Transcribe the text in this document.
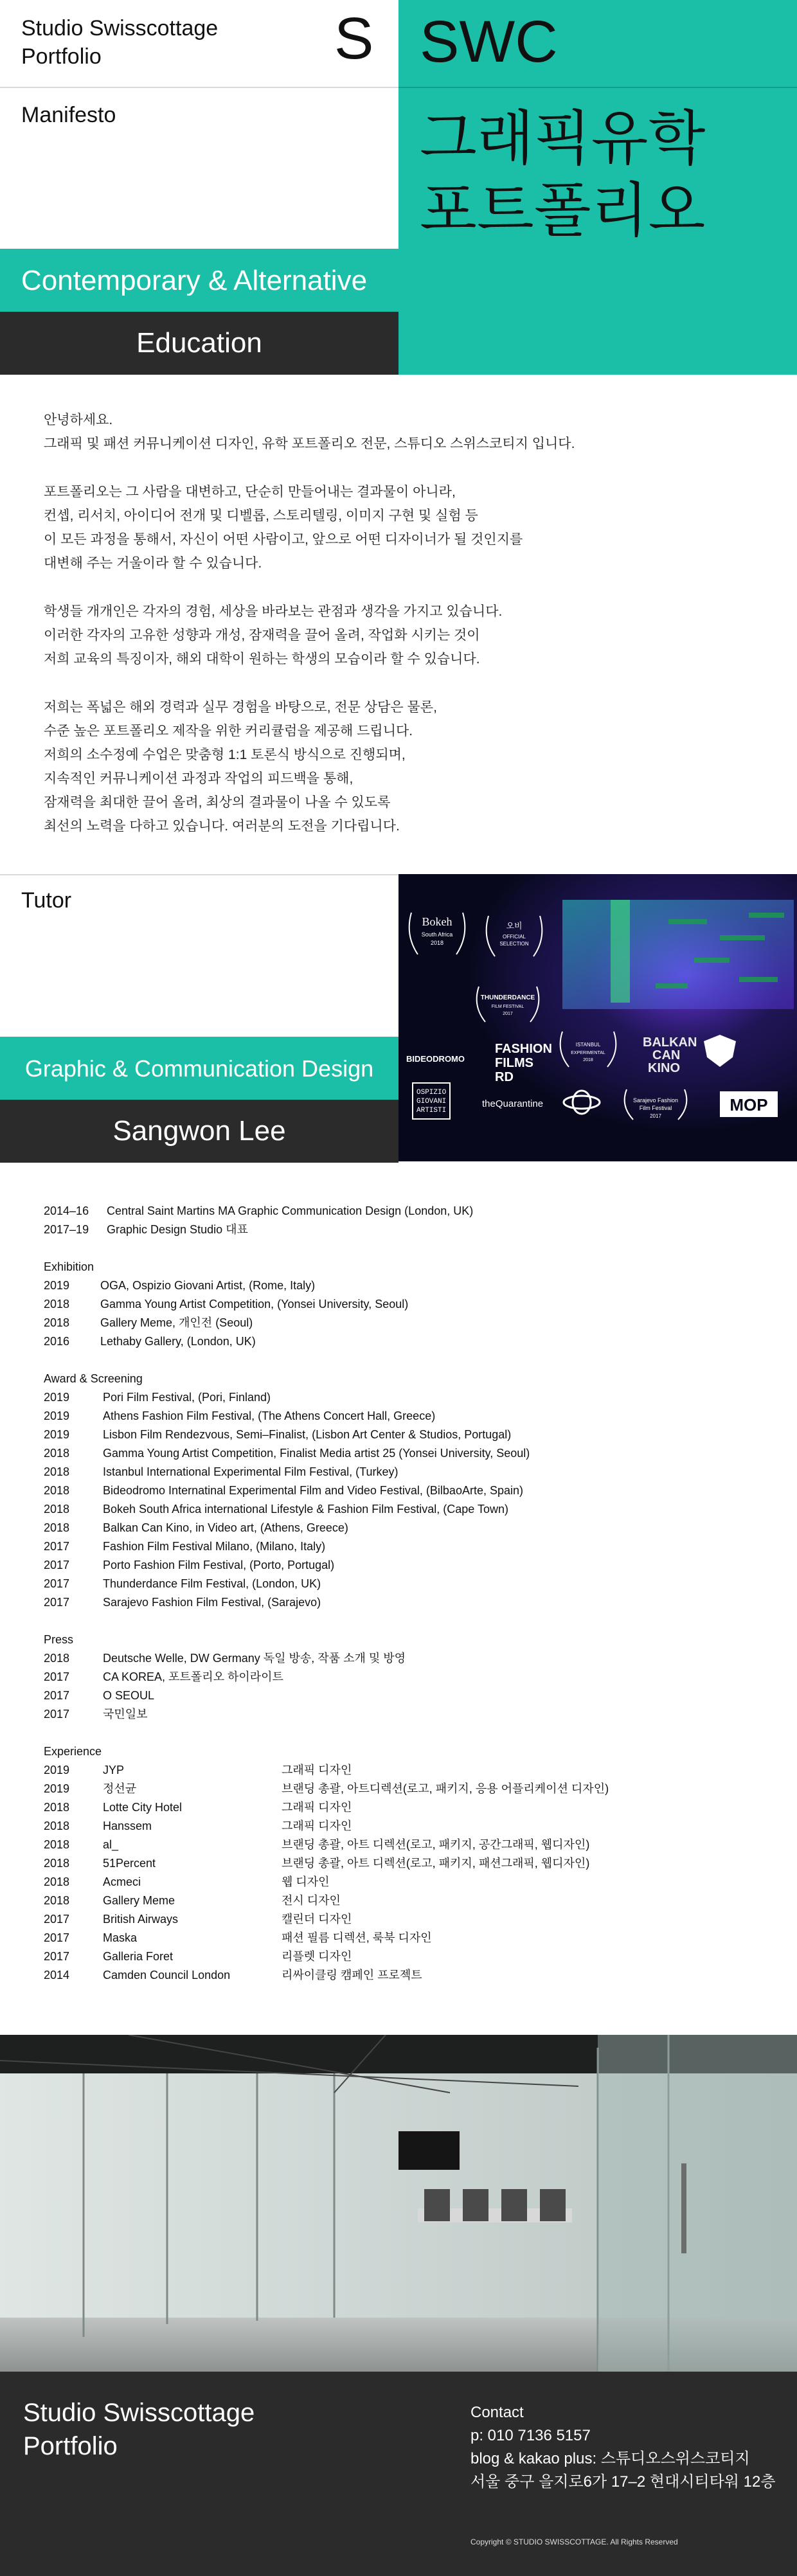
Studio Swisscottage
Portfolio	S
Manifesto
Contemporary & Alternative
Education
SWC
그래픽유학
포트폴리오

안녕하세요.
그래픽 및 패션 커뮤니케이션 디자인, 유학 포트폴리오 전문, 스튜디오 스위스코티지 입니다.

포트폴리오는 그 사람을 대변하고, 단순히 만들어내는 결과물이 아니라,
컨셉, 리서치, 아이디어 전개 및 디벨롭, 스토리텔링, 이미지 구현 및 실험 등
이 모든 과정을 통해서, 자신이 어떤 사람이고, 앞으로 어떤 디자이너가 될 것인지를
대변해 주는 거울이라 할 수 있습니다.

학생들 개개인은 각자의 경험, 세상을 바라보는 관점과 생각을 가지고 있습니다.
이러한 각자의 고유한 성향과 개성, 잠재력을 끌어 올려, 작업화 시키는 것이
저희 교육의 특징이자, 해외 대학이 원하는 학생의 모습이라 할 수 있습니다.

저희는 폭넓은 해외 경력과 실무 경험을 바탕으로, 전문 상담은 물론,
수준 높은 포트폴리오 제작을 위한 커리큘럼을 제공해 드립니다.
저희의 소수정예 수업은 맞춤형 1:1 토론식 방식으로 진행되며,
지속적인 커뮤니케이션 과정과 작업의 피드백을 통해,
잠재력을 최대한 끌어 올려, 최상의 결과물이 나올 수 있도록
최선의 노력을 다하고 있습니다. 여러분의 도전을 기다립니다.

Tutor
Graphic & Communication Design
Sangwon Lee
Bokeh
South Africa
2018
오비
OFFICIAL
SELECTION
THUNDERDANCE
FILM FESTIVAL
2017
ISTANBUL
EXPERIMENTAL
2018
FASHION
FILMS
RD
BIDEODROMO
BALKAN
CAN
KINO
OSPIZIO
GIOVANI
ARTISTI
theQuarantine	Sarajevo Fashion
Film Festival
2017
MOP
2014–16 Central Saint Martins MA Graphic Communication Design (London, UK)
2017–19 Graphic Design Studio 대표
Exhibition
2019	OGA, Ospizio Giovani Artist, (Rome, Italy)
2018	Gamma Young Artist Competition, (Yonsei University, Seoul)
2018	Gallery Meme, 개인전 (Seoul)
2016	Lethaby Gallery, (London, UK)
Award & Screening
2019	Pori Film Festival, (Pori, Finland)
2019	Athens Fashion Film Festival, (The Athens Concert Hall, Greece)
2019	Lisbon Film Rendezvous, Semi–Finalist, (Lisbon Art Center & Studios, Portugal)
2018	Gamma Young Artist Competition, Finalist Media artist 25 (Yonsei University, Seoul)
2018	Istanbul International Experimental Film Festival, (Turkey)
2018	Bideodromo Internatinal Experimental Film and Video Festival, (BilbaoArte, Spain)
2018	Bokeh South Africa international Lifestyle & Fashion Film Festival, (Cape Town)
2018	Balkan Can Kino, in Video art, (Athens, Greece)
2017	Fashion Film Festival Milano, (Milano, Italy)
2017	Porto Fashion Film Festival, (Porto, Portugal)
2017	Thunderdance Film Festival, (London, UK)
2017	Sarajevo Fashion Film Festival, (Sarajevo)
Press
2018	Deutsche Welle, DW Germany 독일 방송, 작품 소개 및 방영
2017	CA KOREA, 포트폴리오 하이라이트
2017	O SEOUL
2017	국민일보
Experience
2019	JYP	그래픽 디자인
2019	정선균	브랜딩 총괄, 아트디렉션(로고, 패키지, 응용 어플리케이션 디자인)
2018	Lotte City Hotel	그래픽 디자인
2018	Hanssem	그래픽 디자인
2018	al_	브랜딩 총괄, 아트 디렉션(로고, 패키지, 공간그래픽, 웹디자인)
2018	51Percent	브랜딩 총괄, 아트 디렉션(로고, 패키지, 패션그래픽, 웹디자인)
2018	Acmeci	웹 디자인
2018	Gallery Meme	전시 디자인
2017	British Airways	캘린더 디자인
2017	Maska	패션 필름 디렉션, 룩북 디자인
2017	Galleria Foret	리플렛 디자인
2014	Camden Council London	리싸이클링 캠페인 프로젝트
Studio Swisscottage
Portfolio
Contact
p: 010 7136 5157
blog & kakao plus: 스튜디오스위스코티지
서울 중구 을지로6가 17–2 현대시티타워 12층
Copyright © STUDIO SWISSCOTTAGE. All Rights Reserved
